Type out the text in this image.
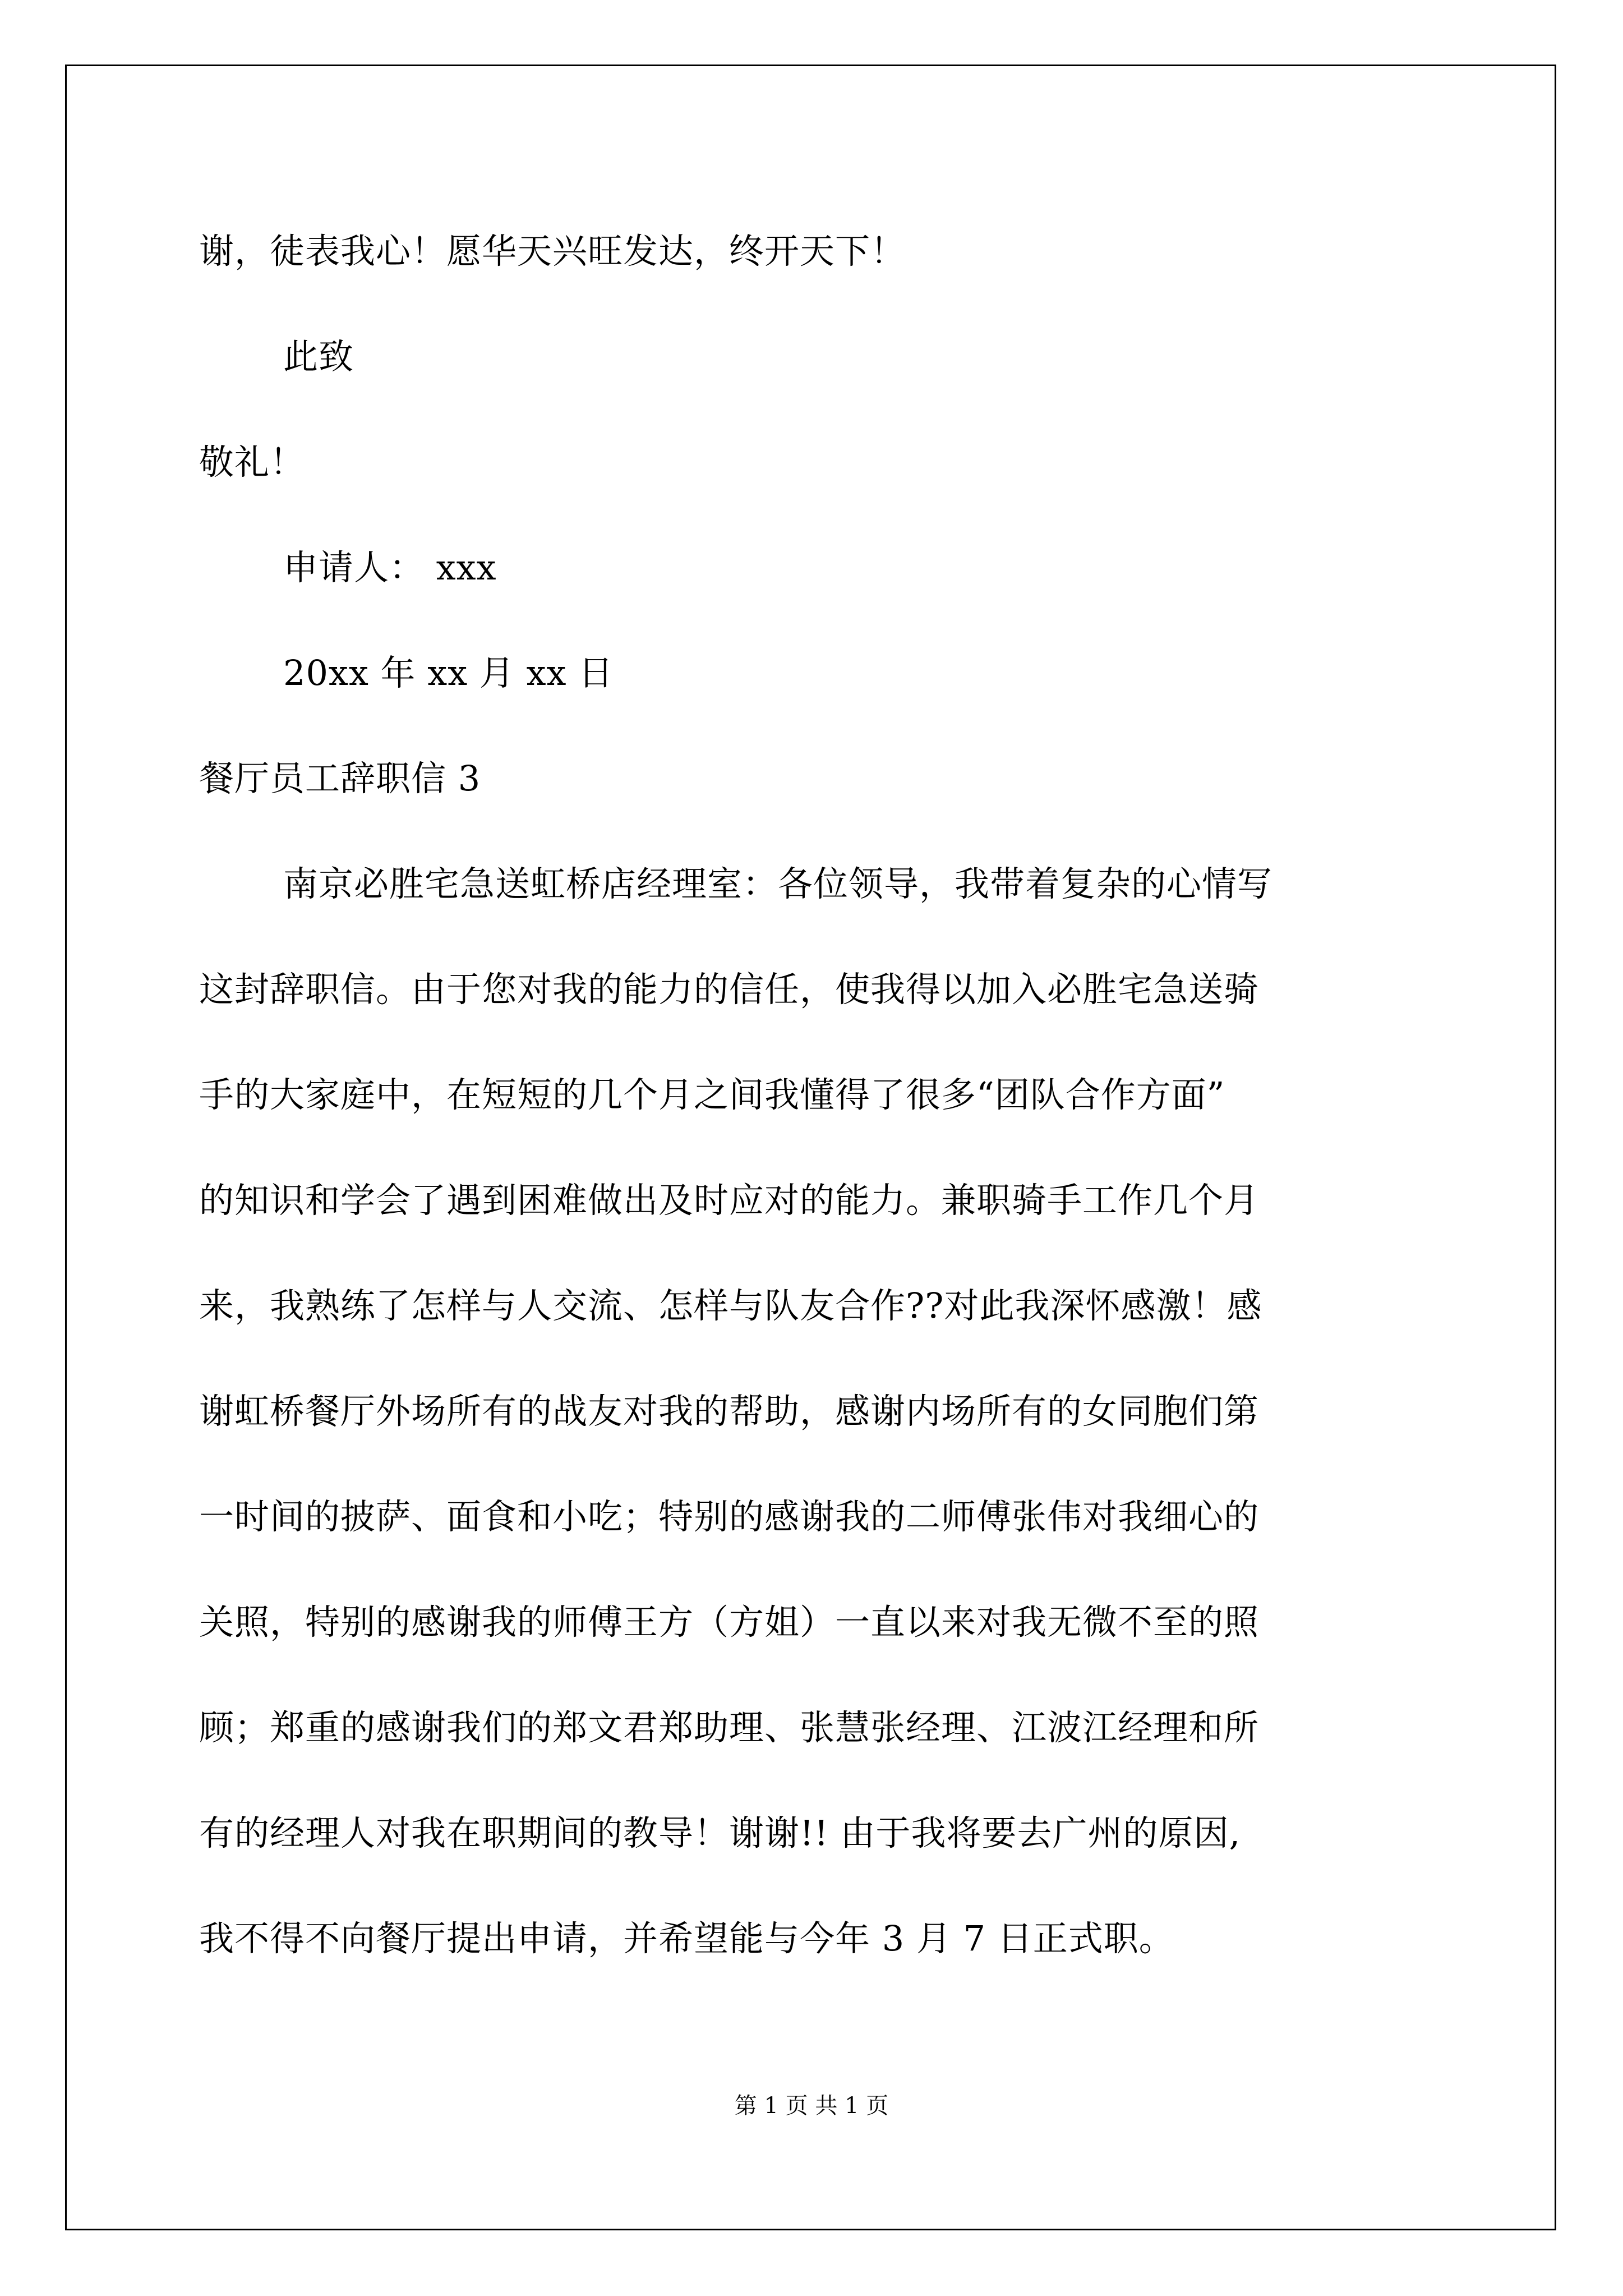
谢，徒表我心！愿华天兴旺发达，终开天下！
此致
敬礼！
申请人： xxx
20xx 年 xx 月 xx 日
餐厅员工辞职信 3
南京必胜宅急送虹桥店经理室：各位领导，我带着复杂的心情写
这封辞职信。由于您对我的能力的信任，使我得以加入必胜宅急送骑
手的大家庭中，在短短的几个月之间我懂得了很多“团队合作方面”
的知识和学会了遇到困难做出及时应对的能力。兼职骑手工作几个月
来，我熟练了怎样与人交流、怎样与队友合作??对此我深怀感激！感
谢虹桥餐厅外场所有的战友对我的帮助，感谢内场所有的女同胞们第
一时间的披萨、面食和小吃；特别的感谢我的二师傅张伟对我细心的
关照，特别的感谢我的师傅王方（方姐）一直以来对我无微不至的照
顾；郑重的感谢我们的郑文君郑助理、张慧张经理、江波江经理和所
有的经理人对我在职期间的教导！谢谢!! 由于我将要去广州的原因,
我不得不向餐厅提出申请，并希望能与今年 3 月 7 日正式职。
第 1 页 共 1 页
